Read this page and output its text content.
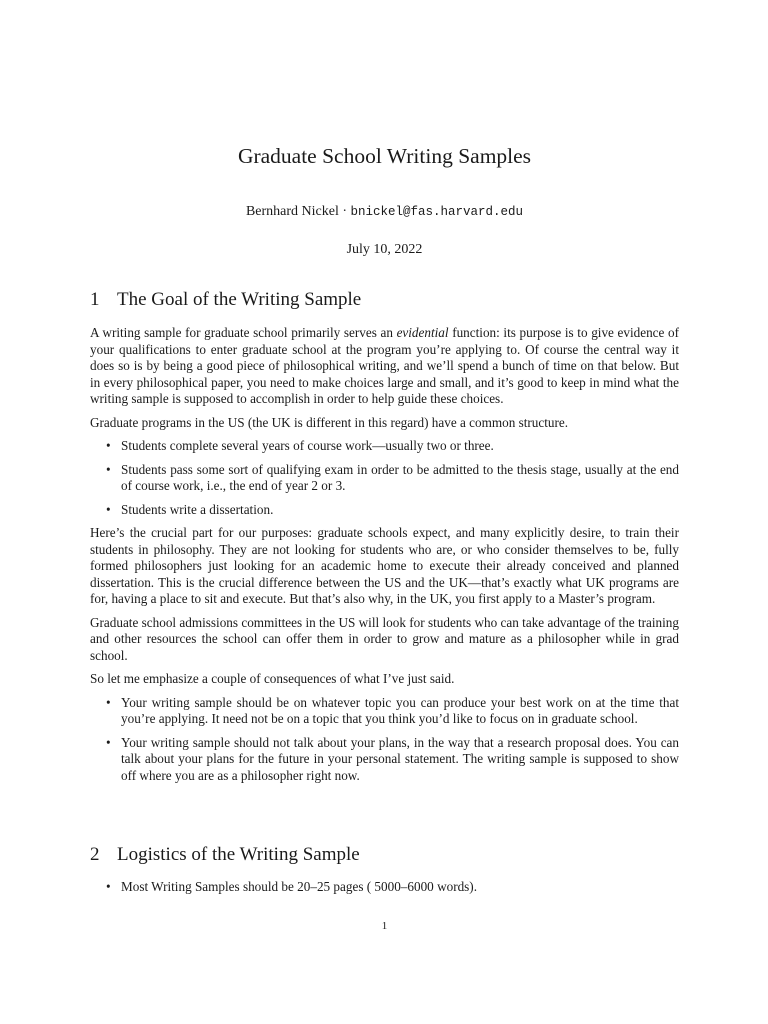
Graduate School Writing Samples
Bernhard Nickel · bnickel@fas.harvard.edu
July 10, 2022
1 The Goal of the Writing Sample

A writing sample for graduate school primarily serves an evidential function: its purpose is to give evidence of your qualifications to enter graduate school at the program you’re applying to. Of course the central way it does so is by being a good piece of philosophical writing, and we’ll spend a bunch of time on that below. But in every philosophical paper, you need to make choices large and small, and it’s good to keep in mind what the writing sample is supposed to accomplish in order to help guide these choices.

Graduate programs in the US (the UK is different in this regard) have a common structure.

• Students complete several years of course work—usually two or three.
• Students pass some sort of qualifying exam in order to be admitted to the thesis stage, usually at the end of course work, i.e., the end of year 2 or 3.
• Students write a dissertation.

Here’s the crucial part for our purposes: graduate schools expect, and many explicitly desire, to train their students in philosophy. They are not looking for students who are, or who consider themselves to be, fully formed philosophers just looking for an academic home to execute their already conceived and planned dissertation. This is the crucial difference between the US and the UK—that’s exactly what UK programs are for, having a place to sit and execute. But that’s also why, in the UK, you first apply to a Master’s program.

Graduate school admissions committees in the US will look for students who can take advantage of the training and other resources the school can offer them in order to grow and mature as a philosopher while in grad school.

So let me emphasize a couple of consequences of what I’ve just said.

• Your writing sample should be on whatever topic you can produce your best work on at the time that you’re applying. It need not be on a topic that you think you’d like to focus on in graduate school.
• Your writing sample should not talk about your plans, in the way that a research proposal does. You can talk about your plans for the future in your personal statement. The writing sample is supposed to show off where you are as a philosopher right now.
2 Logistics of the Writing Sample
• Most Writing Samples should be 20–25 pages ( 5000–6000 words).
1
